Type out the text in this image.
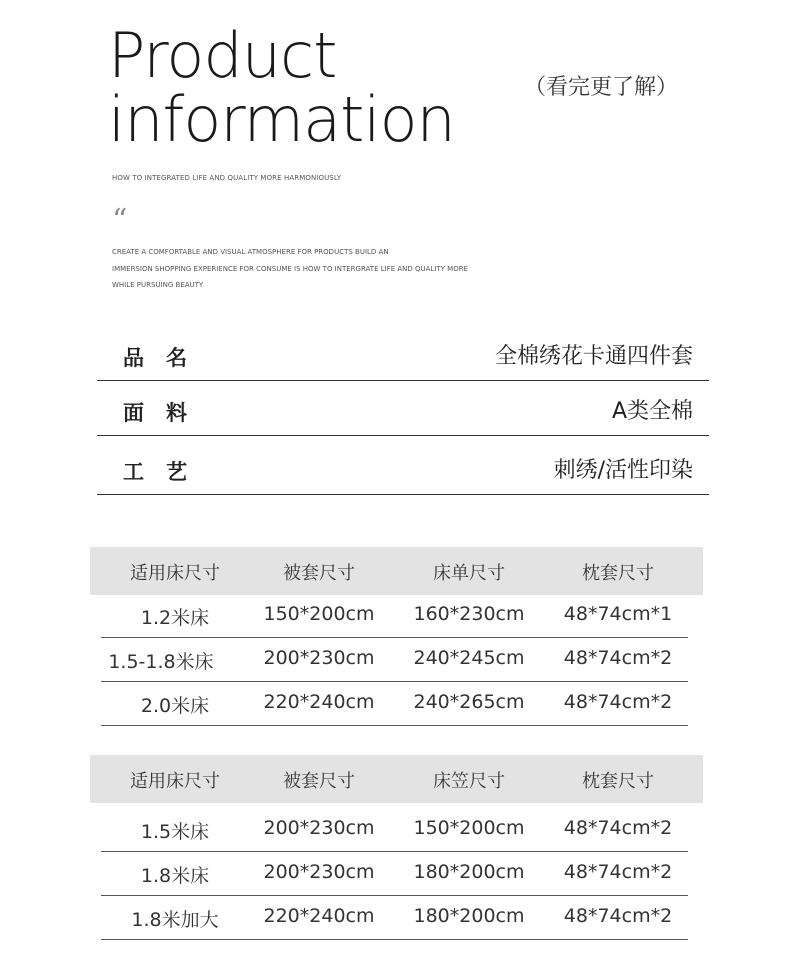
Product
information	（看完更了解）
HOW TO INTEGRATED LIFE AND QUALITY MORE HARMONIOUSLY
“
CREATE A COMFORTABLE AND VISUAL ATMOSPHERE FOR PRODUCTS BUILD AN
IMMERSION SHOPPING EXPERIENCE FOR CONSUME IS HOW TO INTERGRATE LIFE AND QUALITY MORE
WHILE PURSUING BEAUTY
品名	全棉绣花卡通四件套
面料	A类全棉
工艺	刺绣/活性印染
适用床尺寸	被套尺寸	床单尺寸	枕套尺寸
1.2米床	150*200cm	160*230cm	48*74cm*1
1.5-1.8米床	200*230cm	240*245cm	48*74cm*2
2.0米床	220*240cm	240*265cm	48*74cm*2
适用床尺寸	被套尺寸	床笠尺寸	枕套尺寸
1.5米床	200*230cm	150*200cm	48*74cm*2
1.8米床	200*230cm	180*200cm	48*74cm*2
1.8米加大	220*240cm	180*200cm	48*74cm*2
